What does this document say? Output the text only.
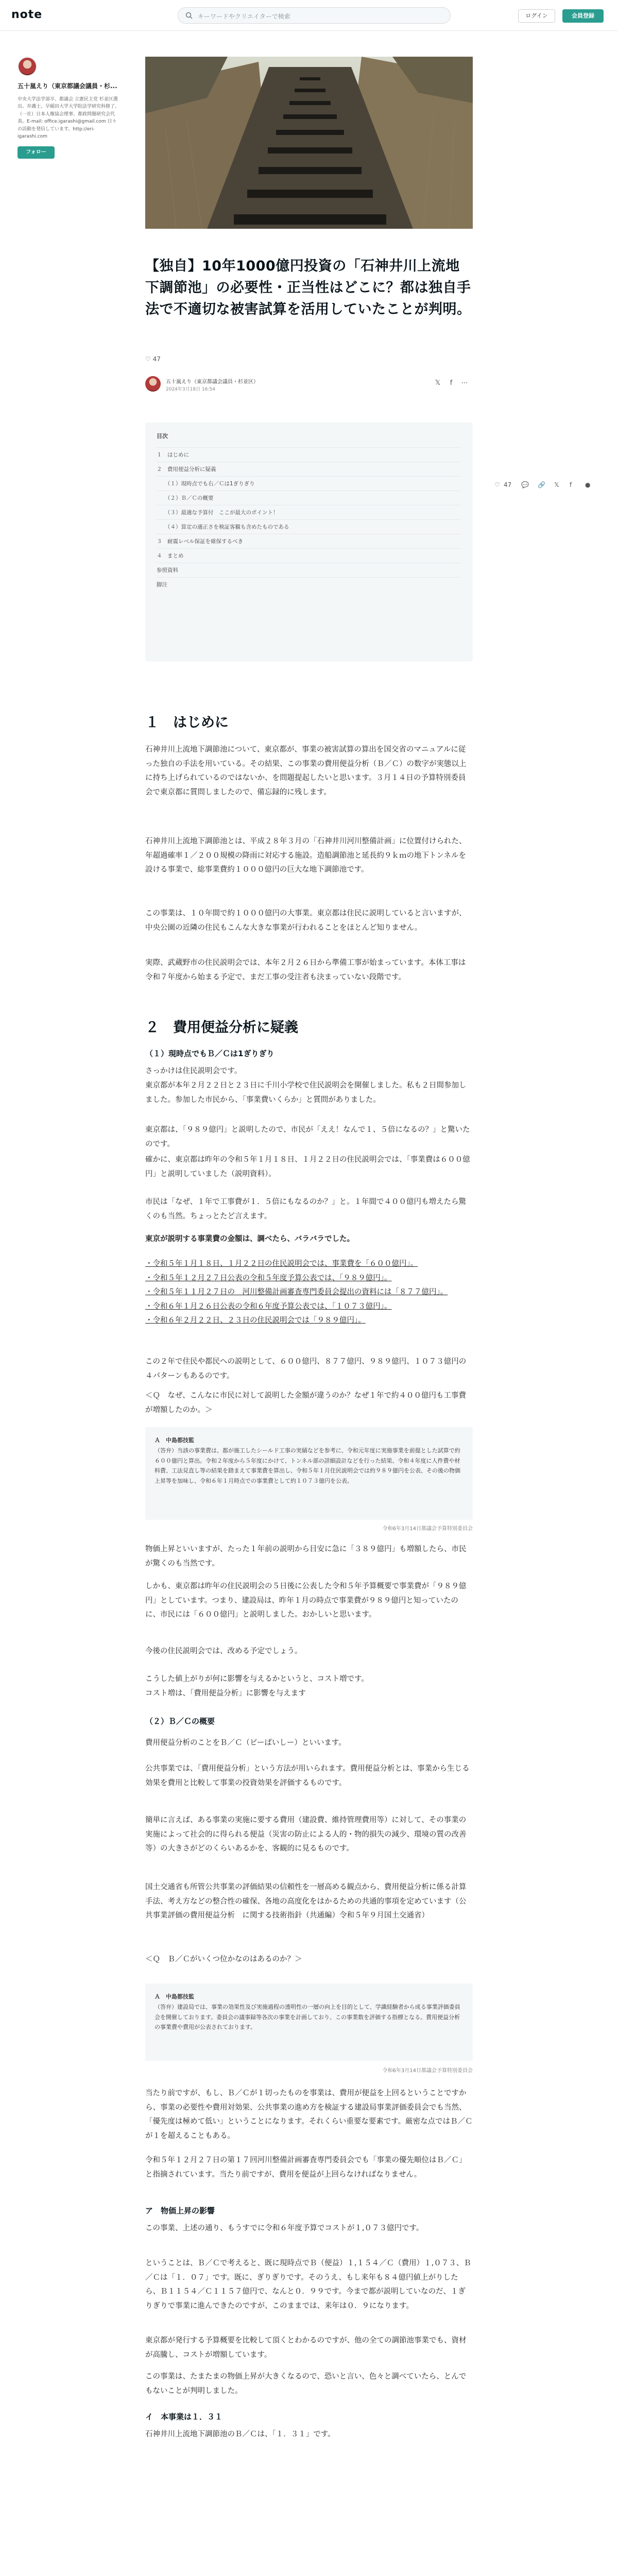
note	キーワードやクリエイターで検索	ログイン	会員登録
五十嵐えり（東京都議会議員・杉...
中央大学法学部卒、都議会 立憲民主党 杉並区選出。弁護士。早稲田大学大学院法学研究科修了、（一社）日本人権協会理事、都政問題研究会代表。E-mail: office.igarashi@gmail.com 日々の活動を発信しています。http://eri-igarashi.com
フォロー
【独自】10年1000億円投資の「石神井川上流地下調節池」の必要性・正当性はどこに？都は独自手法で不適切な被害試算を活用していたことが判明。
♡ 47
五十嵐えり（東京都議会議員・杉並区）
2024年3月18日 16:54
𝕏	f	⋯
♡ 47 💬 🔗 𝕏 f ●
目次
１　はじめに
２　費用便益分析に疑義
（１）現時点でも右／Ｃは1ぎりぎり
（２）Ｂ／Ｃの概要
（３）最適な予算付　ここが最大のポイント！
（４）算定の適正さを検証客観も含めたものである
３　耐震レベル保証を確保するべき
４　まとめ
参照資料
脚注
１　はじめに
石神井川上流地下調節池について、東京都が、事業の被害試算の算出を国交省のマニュアルに従った独自の手法を用いている。その結果、この事業の費用便益分析（Ｂ／Ｃ）の数字が実態以上に持ち上げられているのではないか、を問題提起したいと思います。３月１４日の予算特別委員会で東京都に質問しましたので、備忘録的に残します。
石神井川上流地下調節池とは、平成２８年３月の「石神井川河川整備計画」に位置付けられた、年超過確率１／２００規模の降雨に対応する施設。造船調節池と延長約９ｋｍの地下トンネルを設ける事業で、総事業費約１０００億円の巨大な地下調節池です。
この事業は、１０年間で約１０００億円の大事業。東京都は住民に説明していると言いますが、中央公園の近隣の住民もこんな大きな事業が行われることをほとんど知りません。
実際、武蔵野市の住民説明会では、本年２月２６日から準備工事が始まっています。本体工事は令和７年度から始まる予定で、まだ工事の受注者も決まっていない段階です。
２　費用便益分析に疑義
（１）現時点でもＢ／Ｃは1ぎりぎり
さっかけは住民説明会です。
東京都が本年２月２２日と２３日に千川小学校で住民説明会を開催しました。私も２日間参加しました。参加した市民から、「事業費いくらか」と質問がありました。
東京都は、「９８９億円」と説明したので、市民が「ええ！なんで１、５倍になるの？」と驚いたのです。
確かに、東京都は昨年の令和５年１月１８日、１月２２日の住民説明会では、「事業費は６００億円」と説明していました（説明資料）。
市民は「なぜ、１年で工事費が１．５倍にもなるのか？」と。１年間で４００億円も増えたら驚くのも当然。ちょっとたど言えます。
東京が説明する事業費の金額は、調べたら、バラバラでした。
・令和５年１月１８日、１月２２日の住民説明会では、事業費を「６００億円」。
・令和５年１２月２７日公表の令和５年度予算公表では、「９８９億円」。
・令和５年１１月２７日の　河川整備計画審査専門委員会提出の資料には「８７７億円」。
・令和６年１月２６日公表の令和６年度予算公表では、「１０７３億円」。
・令和６年２月２２日、２３日の住民説明会では「９８９億円」。
この２年で住民や都民への説明として、６００億円、８７７億円、９８９億円、１０７３億円の４パターンもあるのです。
＜Ｑ　なぜ、こんなに市民に対して説明した金額が違うのか？なぜ１年で約４００億円も工事費が増額したのか。＞
Ａ　中島都技監
（答弁）当該の事業費は、都が施工したシールド工事の実績などを参考に、令和元年度に実施事業を前提とした試算で約６００億円と算出。令和２年度から５年度にかけて、トンネル部の詳細設計などを行った結果、令和４年度に人件費や材料費、工法見直し等の結果を踏まえて事業費を算出し、令和５年１月住民説明会では約９８９億円を公表、その後の物価上昇等を加味し、令和６年１月時点での事業費として約１０７３億円を公表。
令和6年3月14日都議会予算特別委員会
物価上昇といいますが、たった１年前の説明から目安に急に「３８９億円」も増額したら、市民が驚くのも当然です。
しかも、東京都は昨年の住民説明会の５日後に公表した令和５年予算概要で事業費が「９８９億円」としています。つまり、建設局は、昨年１月の時点で事業費が９８９億円と知っていたのに、市民には「６００億円」と説明しました。おかしいと思います。
今後の住民説明会では、改める予定でしょう。
こうした値上がりが何に影響を与えるかというと、コスト増です。
コスト増は、「費用便益分析」に影響を与えます
（２）Ｂ／Ｃの概要
費用便益分析のことをＢ／Ｃ（ビーばいしー）といいます。
公共事業では、「費用便益分析」という方法が用いられます。費用便益分析とは、事業から生じる効果を費用と比較して事業の投資効果を評価するものです。
簡単に言えば、ある事業の実施に要する費用（建設費、維持管理費用等）に対して、その事業の実施によって社会的に得られる便益（災害の防止による人的・物的損失の減少、環境の質の改善等）の大きさがどのくらいあるかを、客観的に見るものです。
国土交通省も所管公共事業の評価結果の信頼性を一層高める観点から、費用便益分析に係る計算手法、考え方などの整合性の確保、各地の高度化をはかるための共通的事項を定めています（公共事業評価の費用便益分析　に関する技術指針（共通編）令和５年９月国土交通省）
＜Ｑ　Ｂ／Ｃがいくつ位かなのはあるのか？＞
Ａ　中島都技監
（答弁）建設局では、事業の効果性及び実施過程の透明性の一層の向上を目的として、学識経験者から成る事業評価委員会を開催しております。委員会の議事録等各次の事業を計画しており、この事業数を評価する指標となる。費用便益分析の事業費や費用が公表されております。
令和6年3月14日都議会予算特別委員会
当たり前ですが、もし、Ｂ／Ｃが１切ったものを事業は、費用が便益を上回るということですから、事業の必要性や費用対効果、公共事業の進め方を検証する建設局事業評価委員会でも当然、「優先度は極めて低い」ということになります。それくらい重要な要素です。厳密な点ではＢ／Ｃが１を超えることもある。
令和５年１２月２７日の第１７回河川整備計画審査専門委員会でも「事業の優先順位はＢ／Ｃ」と指摘されています。当たり前ですが、費用を便益が上回らなければなりません。
ア　物価上昇の影響
この事業、上述の通り、もうすでに令和６年度予算でコストが１,０７３億円です。
ということは、Ｂ／Ｃで考えると、既に現時点でＢ（便益）１,１５４／Ｃ（費用）１,０７３、Ｂ／Ｃは「１．０７」です。既に、ぎりぎりです。そのうえ、もし来年も８４億円値上がりしたら、Ｂ１１５４／Ｃ１１５７億円で、なんと０．９９です。今まで都が説明していなのだ、１ぎりぎりで事業に進んできたのですが、このままでは、来年は０．９になります。
東京都が発行する予算概要を比較して頂くとわかるのですが、他の全ての調節池事業でも、資材が高騰し、コストが増額しています。
この事業は、たまたまの物価上昇が大きくなるので、恐いと言い、色々と調べていたら、とんでもないことが判明しました。
イ　本事業は１．３１
石神井川上流地下調節池のＢ／Ｃは、「１．３１」です。
